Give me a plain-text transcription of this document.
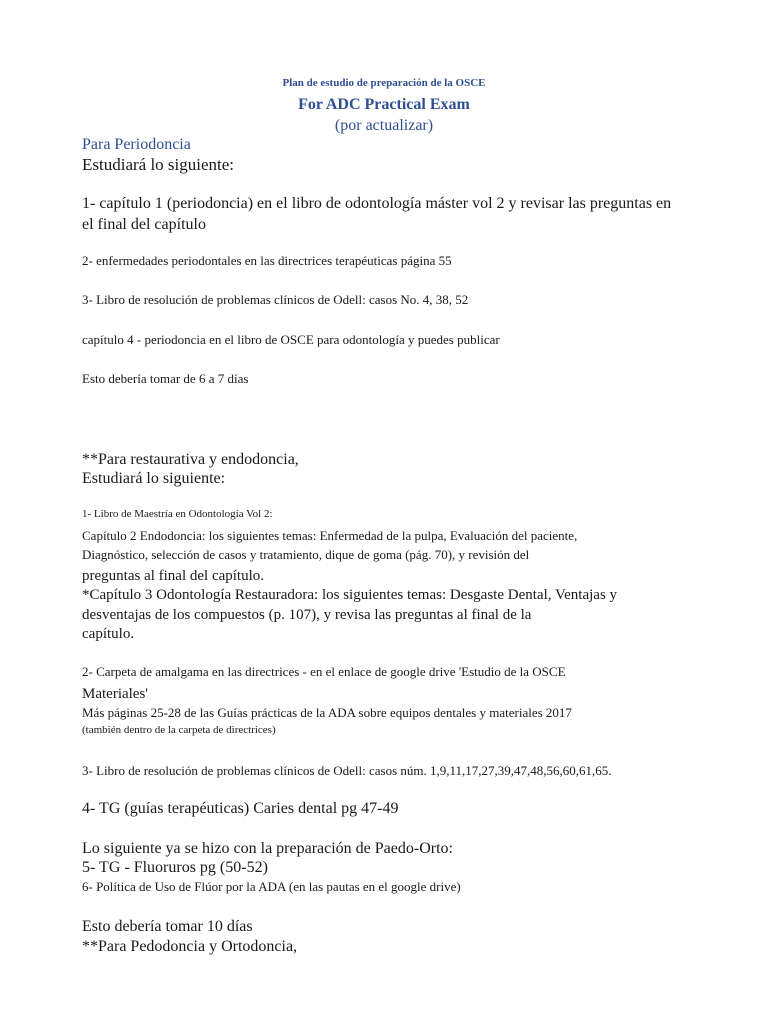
Plan de estudio de preparación de la OSCE
For ADC Practical Exam
(por actualizar)
Para Periodoncia
Estudiará lo siguiente:
1- capítulo 1 (periodoncia) en el libro de odontología máster vol 2 y revisar las preguntas en
el final del capítulo
2- enfermedades periodontales en las directrices terapéuticas página 55
3- Libro de resolución de problemas clínicos de Odell: casos No. 4, 38, 52
capítulo 4 - periodoncia en el libro de OSCE para odontología y puedes publicar
Esto debería tomar de 6 a 7 días
**Para restaurativa y endodoncia,
Estudiará lo siguiente:
1- Libro de Maestría en Odontología Vol 2:
Capítulo 2 Endodoncia: los siguientes temas: Enfermedad de la pulpa, Evaluación del paciente,
Diagnóstico, selección de casos y tratamiento, dique de goma (pág. 70), y revisión del
preguntas al final del capítulo.
*Capítulo 3 Odontología Restauradora: los siguientes temas: Desgaste Dental, Ventajas y
desventajas de los compuestos (p. 107), y revisa las preguntas al final de la
capítulo.
2- Carpeta de amalgama en las directrices - en el enlace de google drive 'Estudio de la OSCE
Materiales'
Más páginas 25-28 de las Guías prácticas de la ADA sobre equipos dentales y materiales 2017
(también dentro de la carpeta de directrices)
3- Libro de resolución de problemas clínicos de Odell: casos núm. 1,9,11,17,27,39,47,48,56,60,61,65.
4- TG (guías terapéuticas) Caries dental pg 47-49
Lo siguiente ya se hizo con la preparación de Paedo-Orto:
5- TG - Fluoruros pg (50-52)
6- Política de Uso de Flúor por la ADA (en las pautas en el google drive)
Esto debería tomar 10 días
**Para Pedodoncia y Ortodoncia,
